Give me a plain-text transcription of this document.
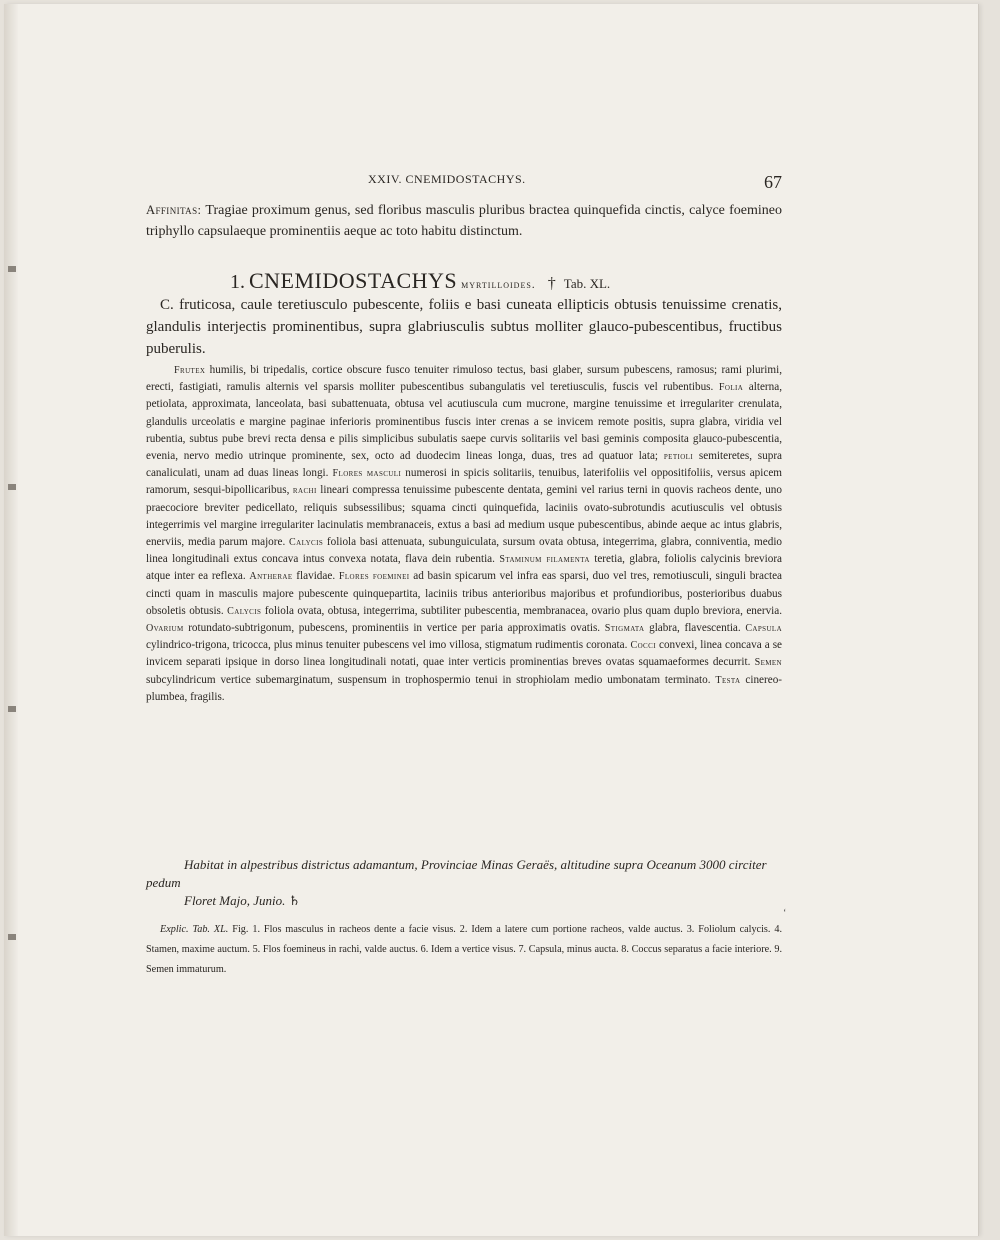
XXIV. CNEMIDOSTACHYS.	67
Affinitas: Tragiae proximum genus, sed floribus masculis pluribus bractea quinquefida cinctis, calyce foemineo triphyllo capsulaeque prominentiis aeque ac toto habitu distinctum.
1. CNEMIDOSTACHYS myrtilloides. † Tab. XL.
C. fruticosa, caule teretiusculo pubescente, foliis e basi cuneata ellipticis obtusis tenuissime crenatis, glandulis interjectis prominentibus, supra glabriusculis subtus molliter glauco-pubescentibus, fructibus puberulis.
Frutex humilis, bi tripedalis, cortice obscure fusco tenuiter rimuloso tectus, basi glaber, sursum pubescens, ramosus; rami plurimi, erecti, fastigiati, ramulis alternis vel sparsis molliter pubescentibus subangulatis vel teretiusculis, fuscis vel rubentibus. Folia alterna, petiolata, approximata, lanceolata, basi subattenuata, obtusa vel acutiuscula cum mucrone, margine tenuissime et irregulariter crenulata, glandulis urceolatis e margine paginae inferioris prominentibus fuscis inter crenas a se invicem remote positis, supra glabra, viridia vel rubentia, subtus pube brevi recta densa e pilis simplicibus subulatis saepe curvis solitariis vel basi geminis composita glauco-pubescentia, evenia, nervo medio utrinque prominente, sex, octo ad duodecim lineas longa, duas, tres ad quatuor lata; petioli semiteretes, supra canaliculati, unam ad duas lineas longi. Flores masculi numerosi in spicis solitariis, tenuibus, laterifoliis vel oppositifoliis, versus apicem ramorum, sesqui-bipollicaribus, rachi lineari compressa tenuissime pubescente dentata, gemini vel rarius terni in quovis racheos dente, uno praecociore breviter pedicellato, reliquis subsessilibus; squama cincti quinquefida, laciniis ovato-subrotundis acutiusculis vel obtusis integerrimis vel margine irregulariter lacinulatis membranaceis, extus a basi ad medium usque pubescentibus, abinde aeque ac intus glabris, enerviis, media parum majore. Calycis foliola basi attenuata, subunguiculata, sursum ovata obtusa, integerrima, glabra, conniventia, medio linea longitudinali extus concava intus convexa notata, flava dein rubentia. Staminum filamenta teretia, glabra, foliolis calycinis breviora atque inter ea reflexa. Antherae flavidae. Flores foeminei ad basin spicarum vel infra eas sparsi, duo vel tres, remotiusculi, singuli bractea cincti quam in masculis majore pubescente quinquepartita, laciniis tribus anterioribus majoribus et profundioribus, posterioribus duabus obsoletis obtusis. Calycis foliola ovata, obtusa, integerrima, subtiliter pubescentia, membranacea, ovario plus quam duplo breviora, enervia. Ovarium rotundato-subtrigonum, pubescens, prominentiis in vertice per paria approximatis ovatis. Stigmata glabra, flavescentia. Capsula cylindrico-trigona, tricocca, plus minus tenuiter pubescens vel imo villosa, stigmatum rudimentis coronata. Cocci convexi, linea concava a se invicem separati ipsique in dorso linea longitudinali notati, quae inter verticis prominentias breves ovatas squamaeformes decurrit. Semen subcylindricum vertice subemarginatum, suspensum in trophospermio tenui in strophiolam medio umbonatam terminato. Testa cinereo-plumbea, fragilis.

Habitat in alpestribus districtus adamantum, Provinciae Minas Geraës, altitudine supra Oceanum 3000 circiter pedum

Floret Majo, Junio. ♄

‘
Explic. Tab. XL. Fig. 1. Flos masculus in racheos dente a facie visus. 2. Idem a latere cum portione racheos, valde auctus. 3. Foliolum calycis. 4. Stamen, maxime auctum. 5. Flos foemineus in rachi, valde auctus. 6. Idem a vertice visus. 7. Capsula, minus aucta. 8. Coccus separatus a facie interiore. 9. Semen immaturum.
